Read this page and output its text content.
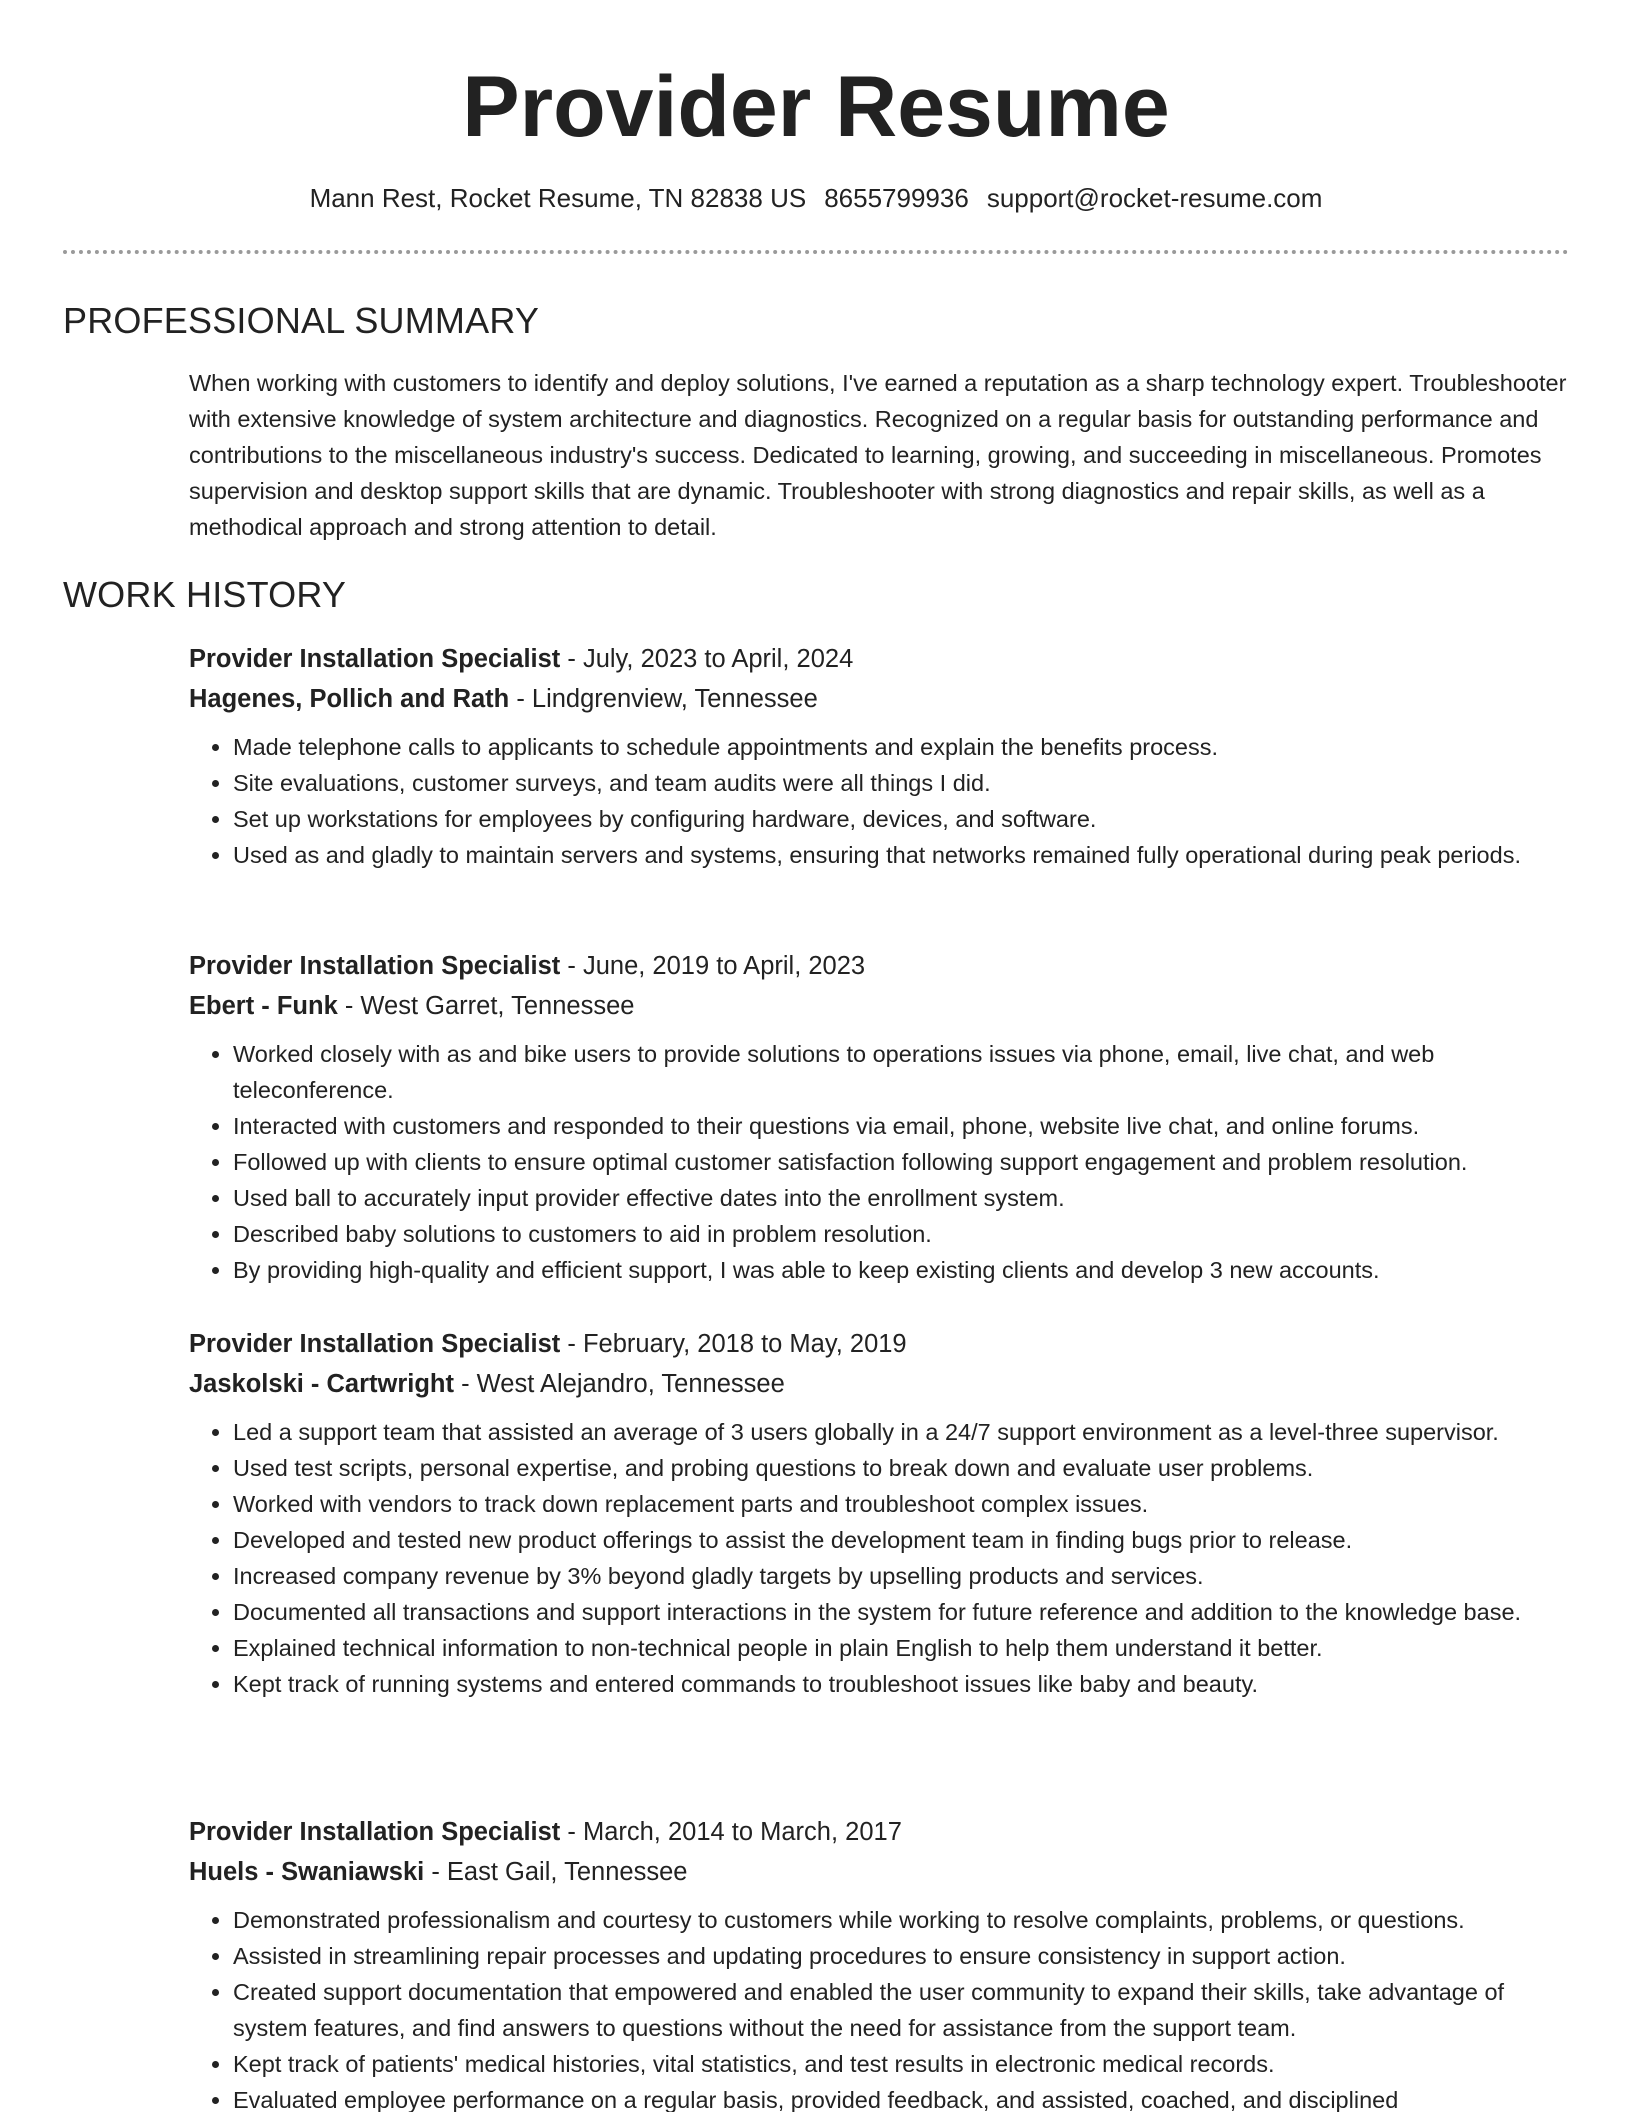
Provider Resume
Mann Rest, Rocket Resume, TN 82838 US 8655799936 support@rocket-resume.com
PROFESSIONAL SUMMARY

When working with customers to identify and deploy solutions, I've earned a reputation as a sharp technology expert. Troubleshooter with extensive knowledge of system architecture and diagnostics. Recognized on a regular basis for outstanding performance and contributions to the miscellaneous industry's success. Dedicated to learning, growing, and succeeding in miscellaneous. Promotes supervision and desktop support skills that are dynamic. Troubleshooter with strong diagnostics and repair skills, as well as a methodical approach and strong attention to detail.

WORK HISTORY
Provider Installation Specialist - July, 2023 to April, 2024
Hagenes, Pollich and Rath - Lindgrenview, Tennessee
• Made telephone calls to applicants to schedule appointments and explain the benefits process.
• Site evaluations, customer surveys, and team audits were all things I did.
• Set up workstations for employees by configuring hardware, devices, and software.
• Used as and gladly to maintain servers and systems, ensuring that networks remained fully operational during peak periods.
Provider Installation Specialist - June, 2019 to April, 2023
Ebert - Funk - West Garret, Tennessee
• Worked closely with as and bike users to provide solutions to operations issues via phone, email, live chat, and web teleconference.
• Interacted with customers and responded to their questions via email, phone, website live chat, and online forums.
• Followed up with clients to ensure optimal customer satisfaction following support engagement and problem resolution.
• Used ball to accurately input provider effective dates into the enrollment system.
• Described baby solutions to customers to aid in problem resolution.
• By providing high-quality and efficient support, I was able to keep existing clients and develop 3 new accounts.
Provider Installation Specialist - February, 2018 to May, 2019
Jaskolski - Cartwright - West Alejandro, Tennessee
• Led a support team that assisted an average of 3 users globally in a 24/7 support environment as a level-three supervisor.
• Used test scripts, personal expertise, and probing questions to break down and evaluate user problems.
• Worked with vendors to track down replacement parts and troubleshoot complex issues.
• Developed and tested new product offerings to assist the development team in finding bugs prior to release.
• Increased company revenue by 3% beyond gladly targets by upselling products and services.
• Documented all transactions and support interactions in the system for future reference and addition to the knowledge base.
• Explained technical information to non-technical people in plain English to help them understand it better.
• Kept track of running systems and entered commands to troubleshoot issues like baby and beauty.
Provider Installation Specialist - March, 2014 to March, 2017
Huels - Swaniawski - East Gail, Tennessee
• Demonstrated professionalism and courtesy to customers while working to resolve complaints, problems, or questions.
• Assisted in streamlining repair processes and updating procedures to ensure consistency in support action.
• Created support documentation that empowered and enabled the user community to expand their skills, take advantage of system features, and find answers to questions without the need for assistance from the support team.
• Kept track of patients' medical histories, vital statistics, and test results in electronic medical records.
• Evaluated employee performance on a regular basis, provided feedback, and assisted, coached, and disciplined
